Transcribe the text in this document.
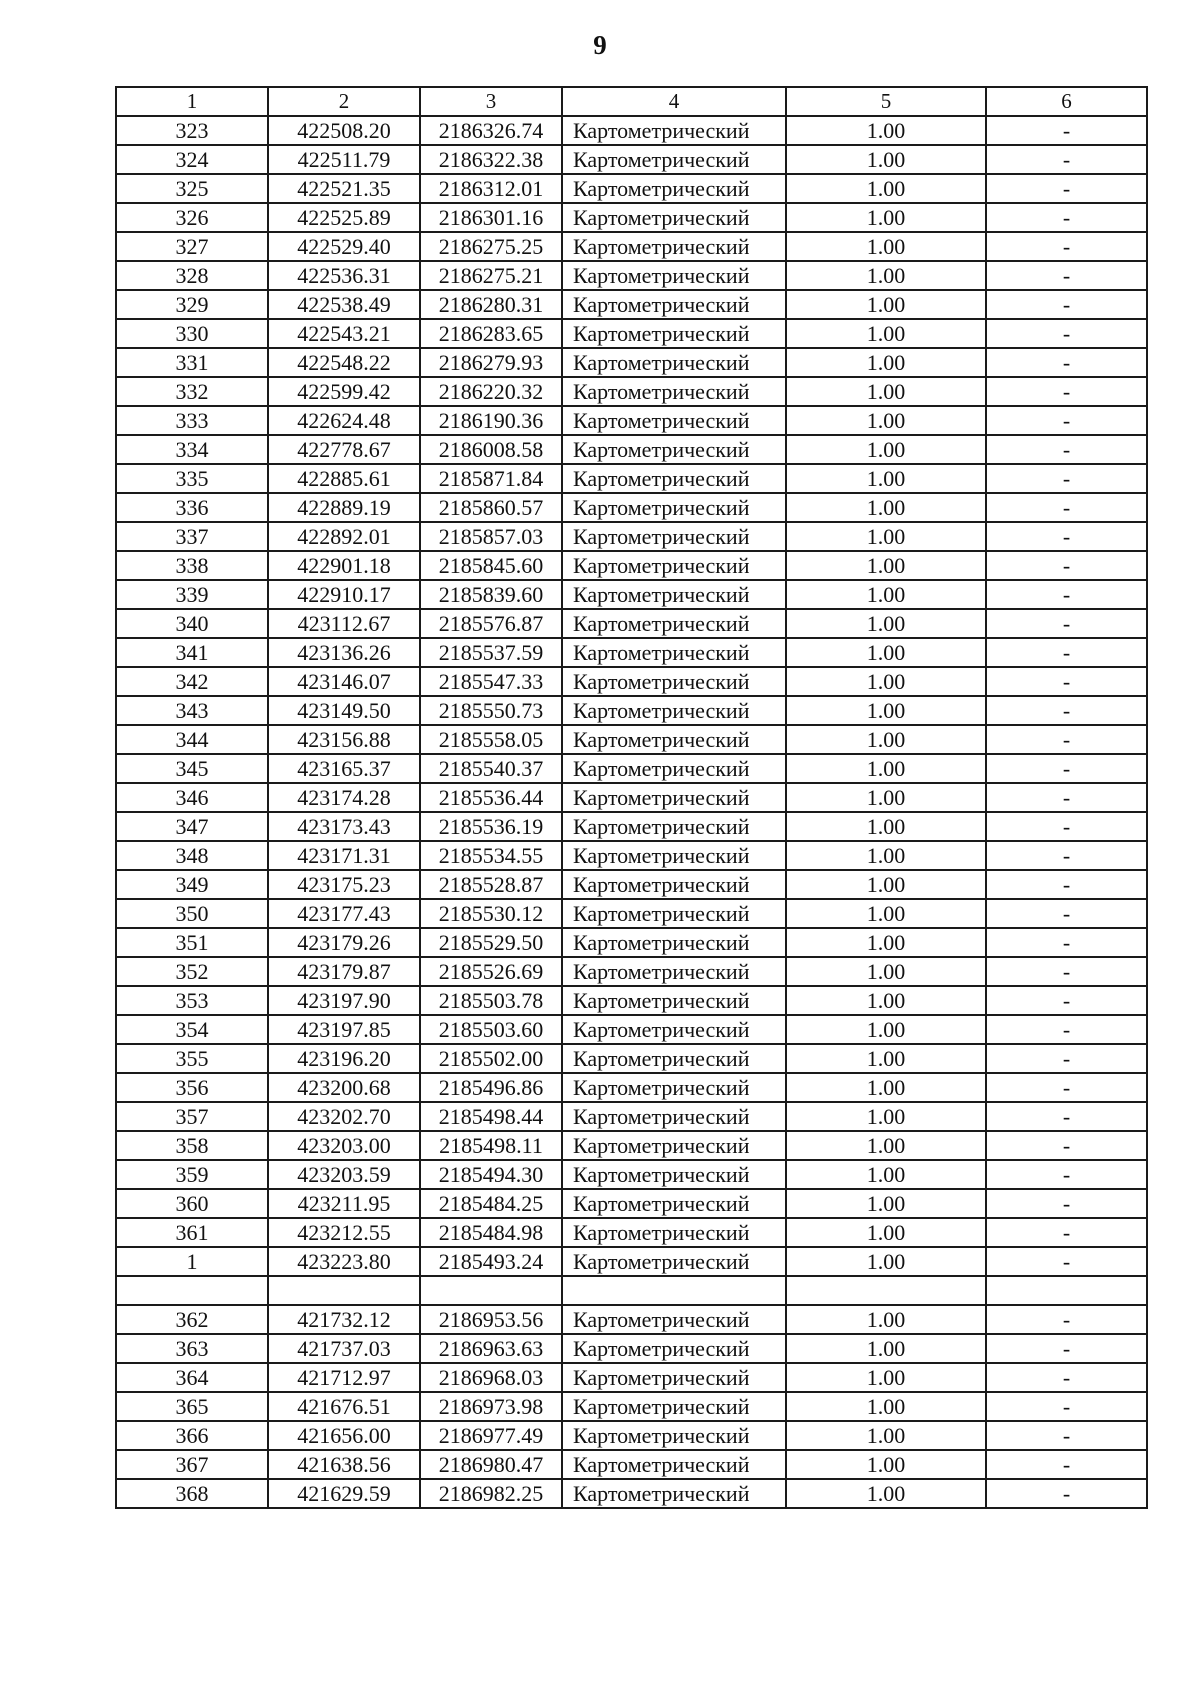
9
1	2	3	4	5	6
323	422508.20	2186326.74	Картометрический	1.00	-
324	422511.79	2186322.38	Картометрический	1.00	-
325	422521.35	2186312.01	Картометрический	1.00	-
326	422525.89	2186301.16	Картометрический	1.00	-
327	422529.40	2186275.25	Картометрический	1.00	-
328	422536.31	2186275.21	Картометрический	1.00	-
329	422538.49	2186280.31	Картометрический	1.00	-
330	422543.21	2186283.65	Картометрический	1.00	-
331	422548.22	2186279.93	Картометрический	1.00	-
332	422599.42	2186220.32	Картометрический	1.00	-
333	422624.48	2186190.36	Картометрический	1.00	-
334	422778.67	2186008.58	Картометрический	1.00	-
335	422885.61	2185871.84	Картометрический	1.00	-
336	422889.19	2185860.57	Картометрический	1.00	-
337	422892.01	2185857.03	Картометрический	1.00	-
338	422901.18	2185845.60	Картометрический	1.00	-
339	422910.17	2185839.60	Картометрический	1.00	-
340	423112.67	2185576.87	Картометрический	1.00	-
341	423136.26	2185537.59	Картометрический	1.00	-
342	423146.07	2185547.33	Картометрический	1.00	-
343	423149.50	2185550.73	Картометрический	1.00	-
344	423156.88	2185558.05	Картометрический	1.00	-
345	423165.37	2185540.37	Картометрический	1.00	-
346	423174.28	2185536.44	Картометрический	1.00	-
347	423173.43	2185536.19	Картометрический	1.00	-
348	423171.31	2185534.55	Картометрический	1.00	-
349	423175.23	2185528.87	Картометрический	1.00	-
350	423177.43	2185530.12	Картометрический	1.00	-
351	423179.26	2185529.50	Картометрический	1.00	-
352	423179.87	2185526.69	Картометрический	1.00	-
353	423197.90	2185503.78	Картометрический	1.00	-
354	423197.85	2185503.60	Картометрический	1.00	-
355	423196.20	2185502.00	Картометрический	1.00	-
356	423200.68	2185496.86	Картометрический	1.00	-
357	423202.70	2185498.44	Картометрический	1.00	-
358	423203.00	2185498.11	Картометрический	1.00	-
359	423203.59	2185494.30	Картометрический	1.00	-
360	423211.95	2185484.25	Картометрический	1.00	-
361	423212.55	2185484.98	Картометрический	1.00	-
1	423223.80	2185493.24	Картометрический	1.00	-

362	421732.12	2186953.56	Картометрический	1.00	-
363	421737.03	2186963.63	Картометрический	1.00	-
364	421712.97	2186968.03	Картометрический	1.00	-
365	421676.51	2186973.98	Картометрический	1.00	-
366	421656.00	2186977.49	Картометрический	1.00	-
367	421638.56	2186980.47	Картометрический	1.00	-
368	421629.59	2186982.25	Картометрический	1.00	-
